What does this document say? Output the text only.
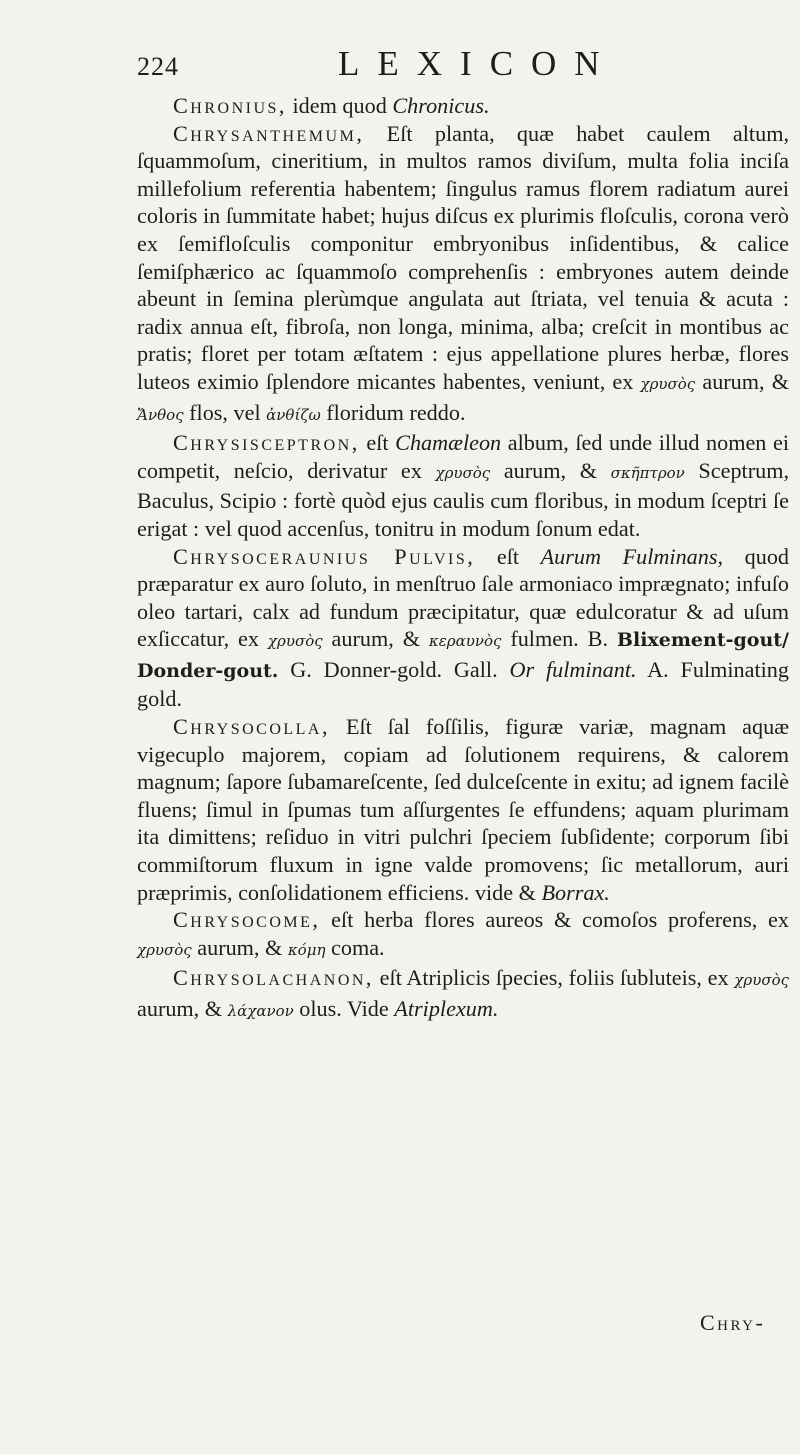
224	LEXICON

Chronius, idem quod Chronicus.

Chrysanthemum, Eſt planta, quæ habet caulem altum, ſquammoſum, cineritium, in multos ramos diviſum, multa folia inciſa millefolium referentia habentem; ſingulus ramus florem radiatum aurei coloris in ſummitate habet; hujus diſcus ex plurimis floſculis, corona verò ex ſemifloſculis componitur embryonibus inſidentibus, & calice ſemiſphærico ac ſquammoſo comprehenſis : embryones autem deinde abeunt in ſemina plerùmque angulata aut ſtriata, vel tenuia & acuta : radix annua eſt, fibroſa, non longa, minima, alba; creſcit in montibus ac pratis; floret per totam æſtatem : ejus appellatione plures herbæ, flores luteos eximio ſplendore micantes habentes, veniunt, ex χρυσὸς aurum, & Ἄνθος flos, vel ἀνθίζω floridum reddo.

Chrysisceptron, eſt Chamæleon album, ſed unde illud nomen ei competit, neſcio, derivatur ex χρυσὸς aurum, & σκῆπτρον Sceptrum, Baculus, Scipio : fortè quòd ejus caulis cum floribus, in modum ſceptri ſe erigat : vel quod accenſus, tonitru in modum ſonum edat.

Chrysoceraunius Pulvis, eſt Aurum Fulminans, quod præparatur ex auro ſoluto, in menſtruo ſale armoniaco imprægnato; infuſo oleo tartari, calx ad fundum præcipitatur, quæ edulcoratur & ad uſum exſiccatur, ex χρυσὸς aurum, & κεραυνὸς fulmen. B. Blixement-gout/ Donder-gout. G. Donner-gold. Gall. Or fulminant. A. Fulminating gold.

Chrysocolla, Eſt ſal foſſilis, figuræ variæ, magnam aquæ vigecuplo majorem, copiam ad ſolutionem requirens, & calorem magnum; ſapore ſubamareſcente, ſed dulceſcente in exitu; ad ignem facilè fluens; ſimul in ſpumas tum aſſurgentes ſe effundens; aquam plurimam ita dimittens; reſiduo in vitri pulchri ſpeciem ſubſidente; corporum ſibi commiſtorum fluxum in igne valde promovens; ſic metallorum, auri præprimis, conſolidationem efficiens. vide & Borrax.

Chrysocome, eſt herba flores aureos & comoſos proferens, ex χρυσὸς aurum, & κόμη coma.

Chrysolachanon, eſt Atriplicis ſpecies, foliis ſubluteis, ex χρυσὸς aurum, & λάχανον olus. Vide Atriplexum.

Chry-
